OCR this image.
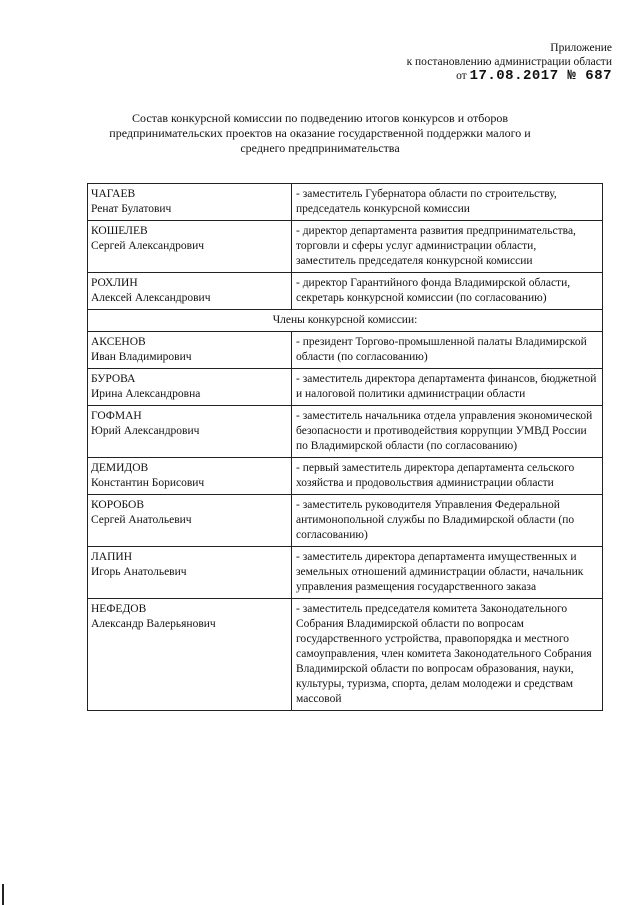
Приложение
к постановлению администрации области
от 17.08.2017 № 687
Состав конкурсной комиссии по подведению итогов конкурсов и отборов предпринимательских проектов на оказание государственной поддержки малого и среднего предпринимательства
ЧАГАЕВ
Ренат Булатович	- заместитель Губернатора области по строительству, председатель конкурсной комиссии

КОШЕЛЕВ
Сергей Александрович	- директор департамента развития предпринимательства, торговли и сферы услуг администрации области, заместитель председателя конкурсной комиссии

РОХЛИН
Алексей Александрович	- директор Гарантийного фонда Владимирской области, секретарь конкурсной комиссии (по согласованию)
Члены конкурсной комиссии:	

АКСЕНОВ
Иван Владимирович	- президент Торгово-промышленной палаты Владимирской области (по согласованию)

БУРОВА
Ирина Александровна	- заместитель директора департамента финансов, бюджетной и налоговой политики администрации области

ГОФМАН
Юрий Александрович	- заместитель начальника отдела управления экономической безопасности и противодействия коррупции УМВД России по Владимирской области (по согласованию)

ДЕМИДОВ
Константин Борисович	- первый заместитель директора департамента сельского хозяйства и продовольствия администрации области

КОРОБОВ
Сергей Анатольевич	- заместитель руководителя Управления Федеральной антимонопольной службы по Владимирской области (по согласованию)

ЛАПИН
Игорь Анатольевич	- заместитель директора департамента имущественных и земельных отношений администрации области, начальник управления размещения государственного заказа

НЕФЕДОВ
Александр Валерьянович	- заместитель председателя комитета Законодательного Собрания Владимирской области по вопросам государственного устройства, правопорядка и местного самоуправления, член комитета Законодательного Собрания Владимирской области по вопросам образования, науки, культуры, туризма, спорта, делам молодежи и средствам массовой
